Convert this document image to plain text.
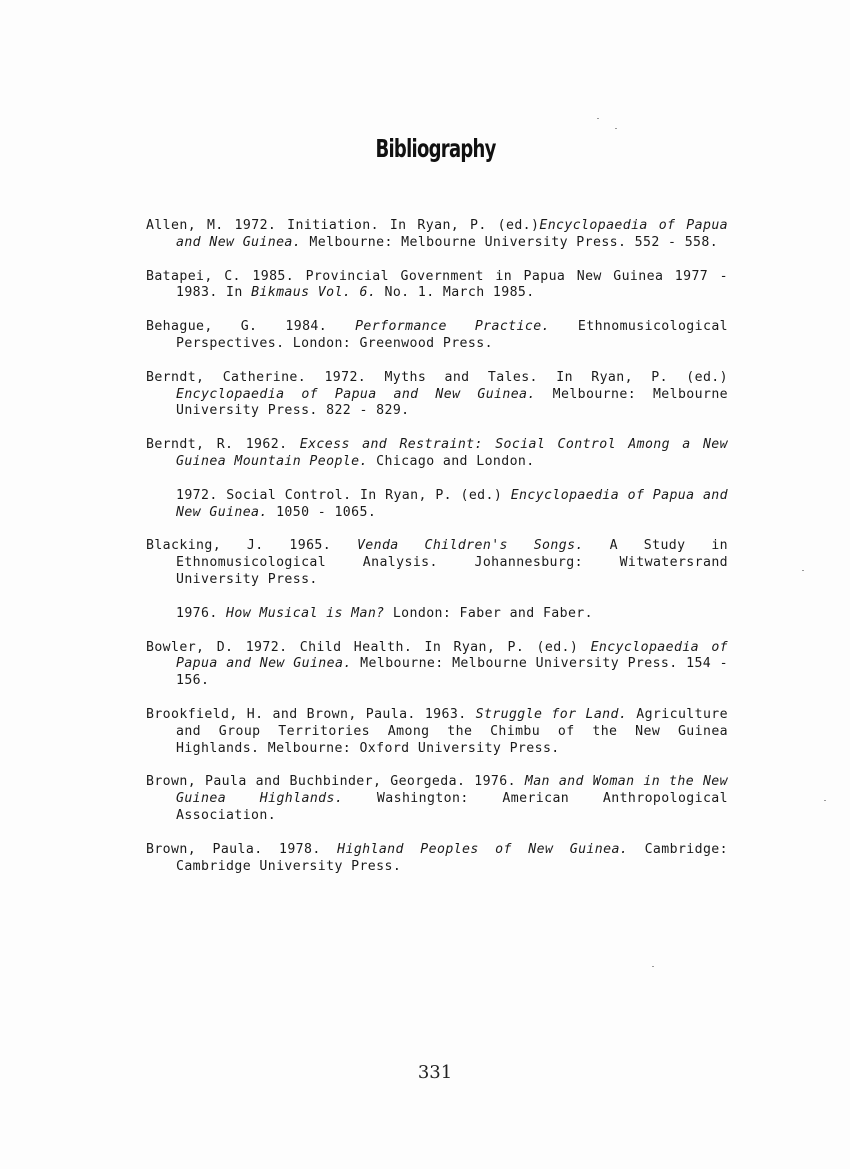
Bibliography

Allen, M. 1972. Initiation. In Ryan, P. (ed.)Encyclopaedia of Papua and New Guinea. Melbourne: Melbourne University Press. 552 - 558.

Batapei, C. 1985. Provincial Government in Papua New Guinea 1977 - 1983. In Bikmaus Vol. 6. No. 1. March 1985.

Behague, G. 1984. Performance Practice. Ethnomusicological Perspectives. London: Greenwood Press.

Berndt, Catherine. 1972. Myths and Tales. In Ryan, P. (ed.) Encyclopaedia of Papua and New Guinea. Melbourne: Melbourne University Press. 822 - 829.

Berndt, R. 1962. Excess and Restraint: Social Control Among a New Guinea Mountain People. Chicago and London.

1972. Social Control. In Ryan, P. (ed.) Encyclopaedia of Papua and New Guinea. 1050 - 1065.

Blacking, J. 1965. Venda Children's Songs. A Study in Ethnomusicological Analysis. Johannesburg: Witwatersrand University Press.

1976. How Musical is Man? London: Faber and Faber.

Bowler, D. 1972. Child Health. In Ryan, P. (ed.) Encyclopaedia of Papua and New Guinea. Melbourne: Melbourne University Press. 154 - 156.

Brookfield, H. and Brown, Paula. 1963. Struggle for Land. Agriculture and Group Territories Among the Chimbu of the New Guinea Highlands. Melbourne: Oxford University Press.

Brown, Paula and Buchbinder, Georgeda. 1976. Man and Woman in the New Guinea Highlands. Washington: American Anthropological Association.

Brown, Paula. 1978. Highland Peoples of New Guinea. Cambridge: Cambridge University Press.

331
